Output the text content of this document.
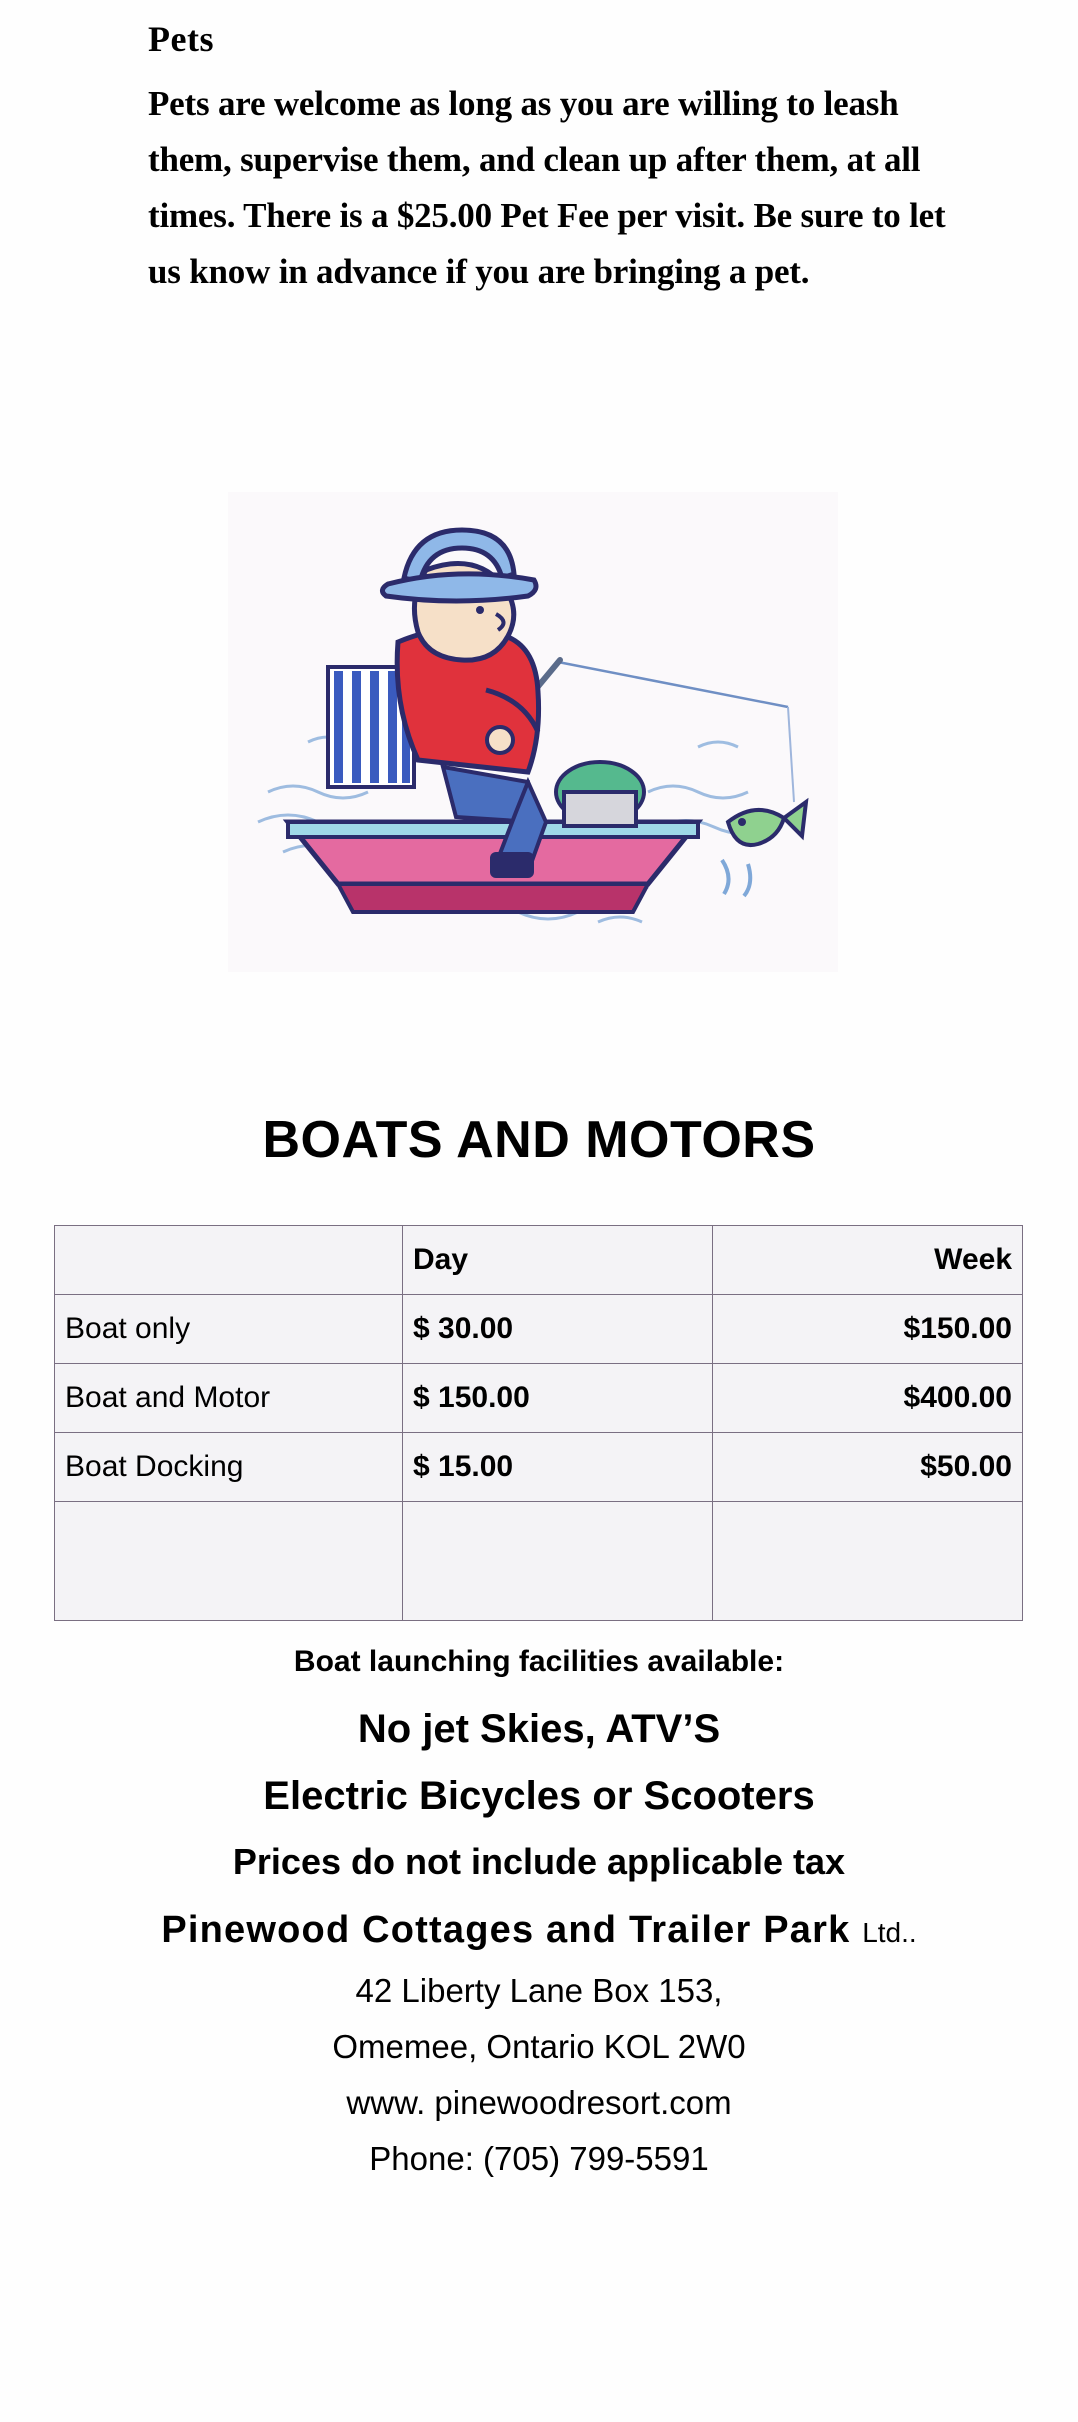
Pets

Pets are welcome as long as you are willing to leash them, supervise them, and clean up after them, at all times. There is a $25.00 Pet Fee per visit. Be sure to let us know in advance if you are bringing a pet.

BOATS AND MOTORS
	Day	Week
Boat only	$ 30.00	$150.00
Boat and Motor	$ 150.00	$400.00
Boat Docking	$ 15.00	$50.00

Boat launching facilities available:
No jet Skies, ATV’S
Electric Bicycles or Scooters
Prices do not include applicable tax
Pinewood Cottages and Trailer Park Ltd..
42 Liberty Lane Box 153,
Omemee, Ontario KOL 2W0
www. pinewoodresort.com
Phone: (705) 799-5591
